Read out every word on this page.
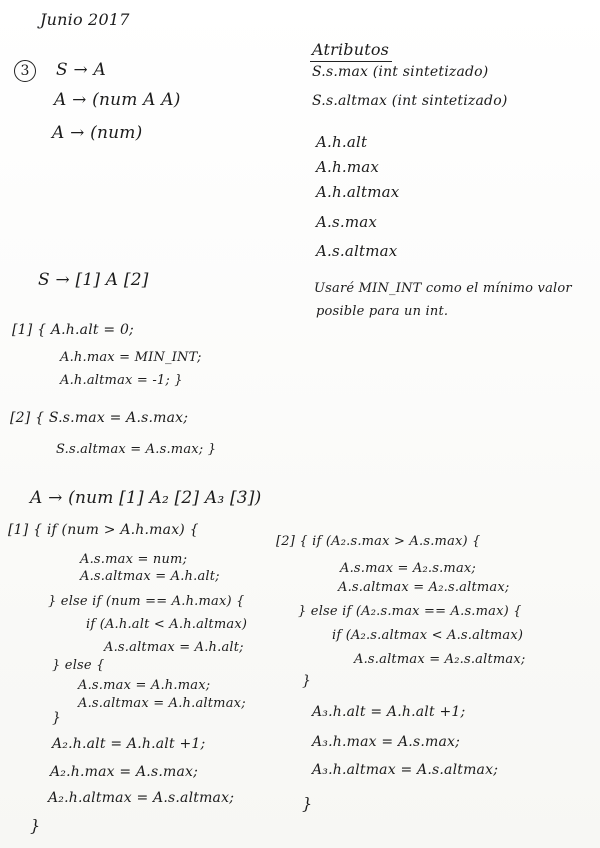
Junio 2017
3	S → A
A → (num A A)
A → (num)
Atributos
S.s.max (int sintetizado)
S.s.altmax (int sintetizado)
A.h.alt
A.h.max
A.h.altmax
A.s.max
A.s.altmax
Usaré MIN_INT como el mínimo valor
posible para un int.
S → [1] A [2]
[1] { A.h.alt = 0;
A.h.max = MIN_INT;
A.h.altmax = -1; }
[2] { S.s.max = A.s.max;
S.s.altmax = A.s.max; }
A → (num [1] A₂ [2] A₃ [3])
[1] { if (num > A.h.max) {
A.s.max = num;
A.s.altmax = A.h.alt;
} else if (num == A.h.max) {
if (A.h.alt < A.h.altmax)
A.s.altmax = A.h.alt;
} else {
A.s.max = A.h.max;
A.s.altmax = A.h.altmax;
}
A₂.h.alt = A.h.alt +1;
A₂.h.max = A.s.max;
A₂.h.altmax = A.s.altmax;
}
[2] { if (A₂.s.max > A.s.max) {
A.s.max = A₂.s.max;
A.s.altmax = A₂.s.altmax;
} else if (A₂.s.max == A.s.max) {
if (A₂.s.altmax < A.s.altmax)
A.s.altmax = A₂.s.altmax;
}
A₃.h.alt = A.h.alt +1;
A₃.h.max = A.s.max;
A₃.h.altmax = A.s.altmax;
}
